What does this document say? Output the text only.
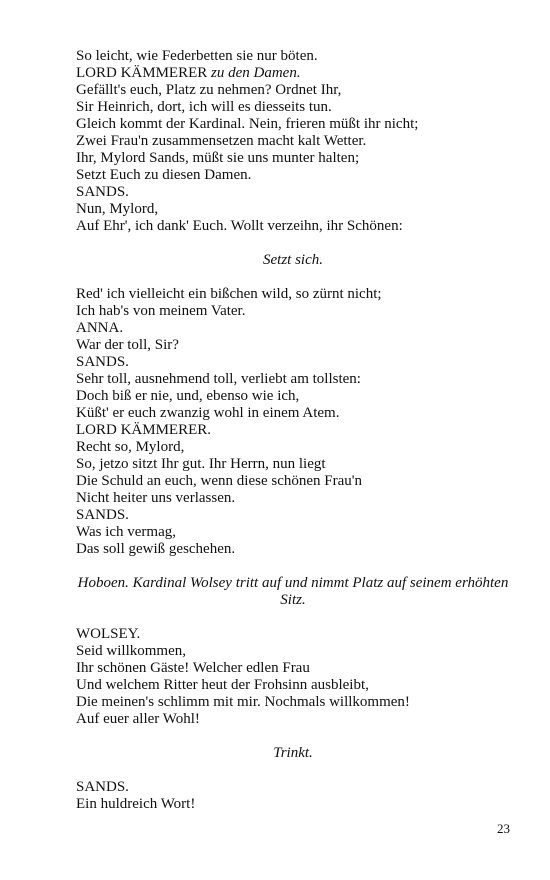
So leicht, wie Federbetten sie nur böten.
LORD KÄMMERER zu den Damen.
Gefällt's euch, Platz zu nehmen? Ordnet Ihr,
Sir Heinrich, dort, ich will es diesseits tun.
Gleich kommt der Kardinal. Nein, frieren müßt ihr nicht;
Zwei Frau'n zusammensetzen macht kalt Wetter.
Ihr, Mylord Sands, müßt sie uns munter halten;
Setzt Euch zu diesen Damen.
SANDS.
Nun, Mylord,
Auf Ehr', ich dank' Euch. Wollt verzeihn, ihr Schönen:
Setzt sich.
Red' ich vielleicht ein bißchen wild, so zürnt nicht;
Ich hab's von meinem Vater.
ANNA.
War der toll, Sir?
SANDS.
Sehr toll, ausnehmend toll, verliebt am tollsten:
Doch biß er nie, und, ebenso wie ich,
Küßt' er euch zwanzig wohl in einem Atem.
LORD KÄMMERER.
Recht so, Mylord,
So, jetzo sitzt Ihr gut. Ihr Herrn, nun liegt
Die Schuld an euch, wenn diese schönen Frau'n
Nicht heiter uns verlassen.
SANDS.
Was ich vermag,
Das soll gewiß geschehen.
Hoboen. Kardinal Wolsey tritt auf und nimmt Platz auf seinem erhöhten
Sitz.
WOLSEY.
Seid willkommen,
Ihr schönen Gäste! Welcher edlen Frau
Und welchem Ritter heut der Frohsinn ausbleibt,
Die meinen's schlimm mit mir. Nochmals willkommen!
Auf euer aller Wohl!
Trinkt.
SANDS.
Ein huldreich Wort!
23
